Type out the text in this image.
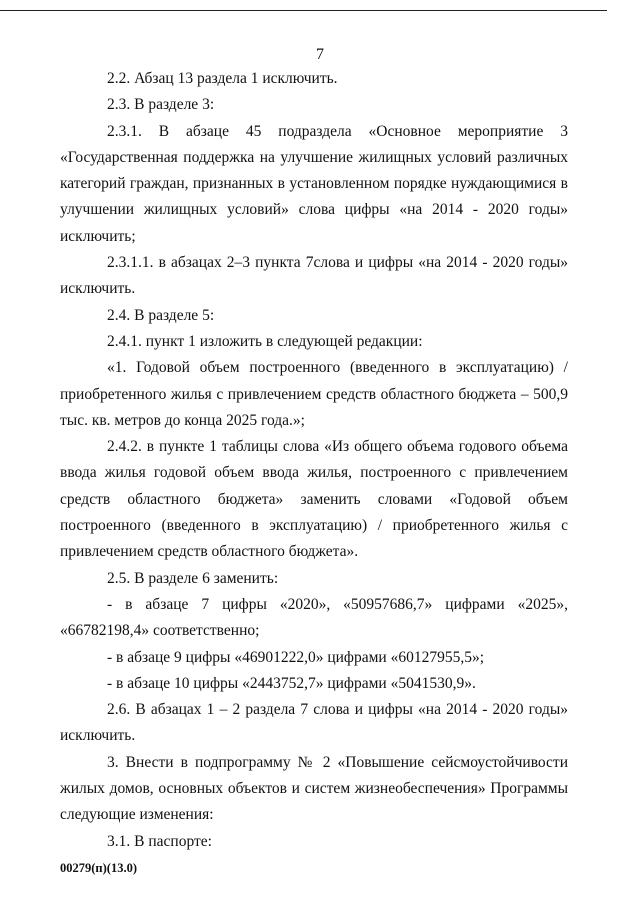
7

2.2. Абзац 13 раздела 1 исключить.

2.3. В разделе 3:

2.3.1. В абзаце 45 подраздела «Основное мероприятие 3 «Государственная поддержка на улучшение жилищных условий различных категорий граждан, признанных в установленном порядке нуждающимися в улучшении жилищных условий» слова цифры «на 2014 - 2020 годы» исключить;

2.3.1.1. в абзацах 2–3 пункта 7слова и цифры «на 2014 - 2020 годы» исключить.

2.4. В разделе 5:

2.4.1. пункт 1 изложить в следующей редакции:

«1. Годовой объем построенного (введенного в эксплуатацию) / приобретенного жилья с привлечением средств областного бюджета – 500,9 тыс. кв. метров до конца 2025 года.»;

2.4.2. в пункте 1 таблицы слова «Из общего объема годового объема ввода жилья годовой объем ввода жилья, построенного с привлечением средств областного бюджета» заменить словами «Годовой объем построенного (введенного в эксплуатацию) / приобретенного жилья с привлечением средств областного бюджета».

2.5. В разделе 6 заменить:

- в абзаце 7 цифры «2020», «50957686,7» цифрами «2025», «66782198,4» соответственно;

- в абзаце 9 цифры «46901222,0» цифрами «60127955,5»;

- в абзаце 10 цифры «2443752,7» цифрами «5041530,9».

2.6. В абзацах 1 – 2 раздела 7 слова и цифры «на 2014 - 2020 годы» исключить.

3. Внести в подпрограмму № 2 «Повышение сейсмоустойчивости жилых домов, основных объектов и систем жизнеобеспечения» Программы следующие изменения:

3.1. В паспорте:

00279(п)(13.0)
